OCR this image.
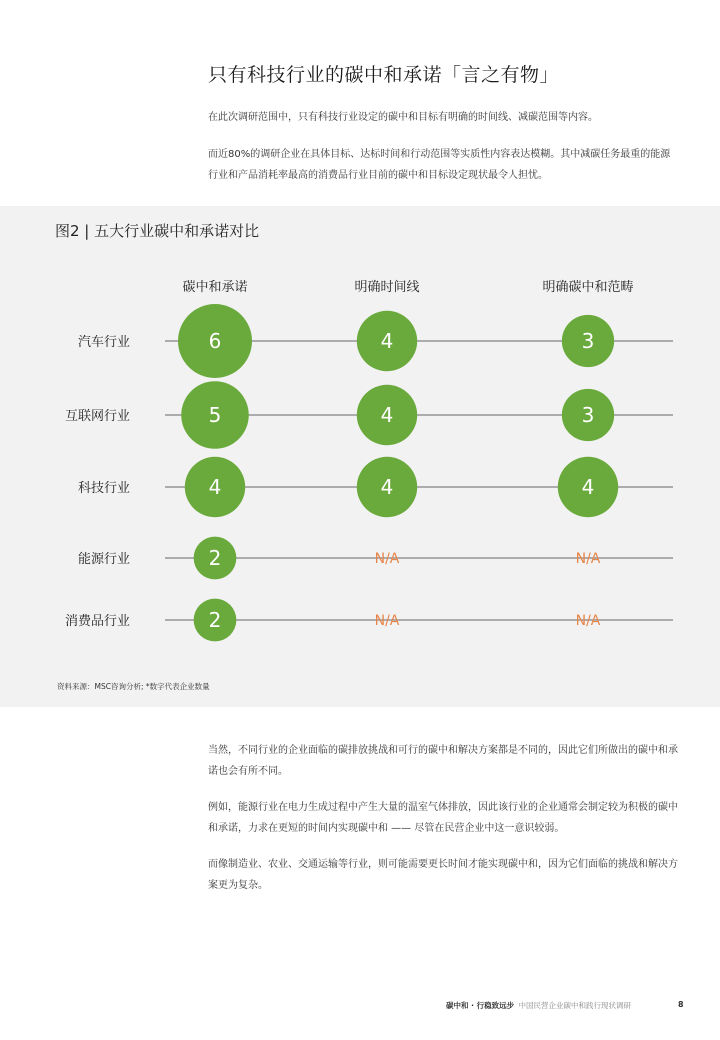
只有科技行业的碳中和承诺「言之有物」

在此次调研范围中，只有科技行业设定的碳中和目标有明确的时间线、减碳范围等内容。

而近80%的调研企业在具体目标、达标时间和行动范围等实质性内容表达模糊。其中减碳任务最重的能源行业和产品消耗率最高的消费品行业目前的碳中和目标设定现状最令人担忧。

图2 | 五大行业碳中和承诺对比
碳中和承诺	明确时间线	明确碳中和范畴
汽车行业	6	4	3
互联网行业	5	4	3
科技行业	4	4	4
能源行业	2	N/A	N/A
消费品行业	2	N/A	N/A
资料来源：MSC咨询分析; *数字代表企业数量

当然，不同行业的企业面临的碳排放挑战和可行的碳中和解决方案都是不同的，因此它们所做出的碳中和承诺也会有所不同。

例如，能源行业在电力生成过程中产生大量的温室气体排放，因此该行业的企业通常会制定较为积极的碳中和承诺，力求在更短的时间内实现碳中和 —— 尽管在民营企业中这一意识较弱。

而像制造业、农业、交通运输等行业，则可能需要更长时间才能实现碳中和，因为它们面临的挑战和解决方案更为复杂。

碳中和 · 行稳致远步 中国民营企业碳中和践行现状调研	8
